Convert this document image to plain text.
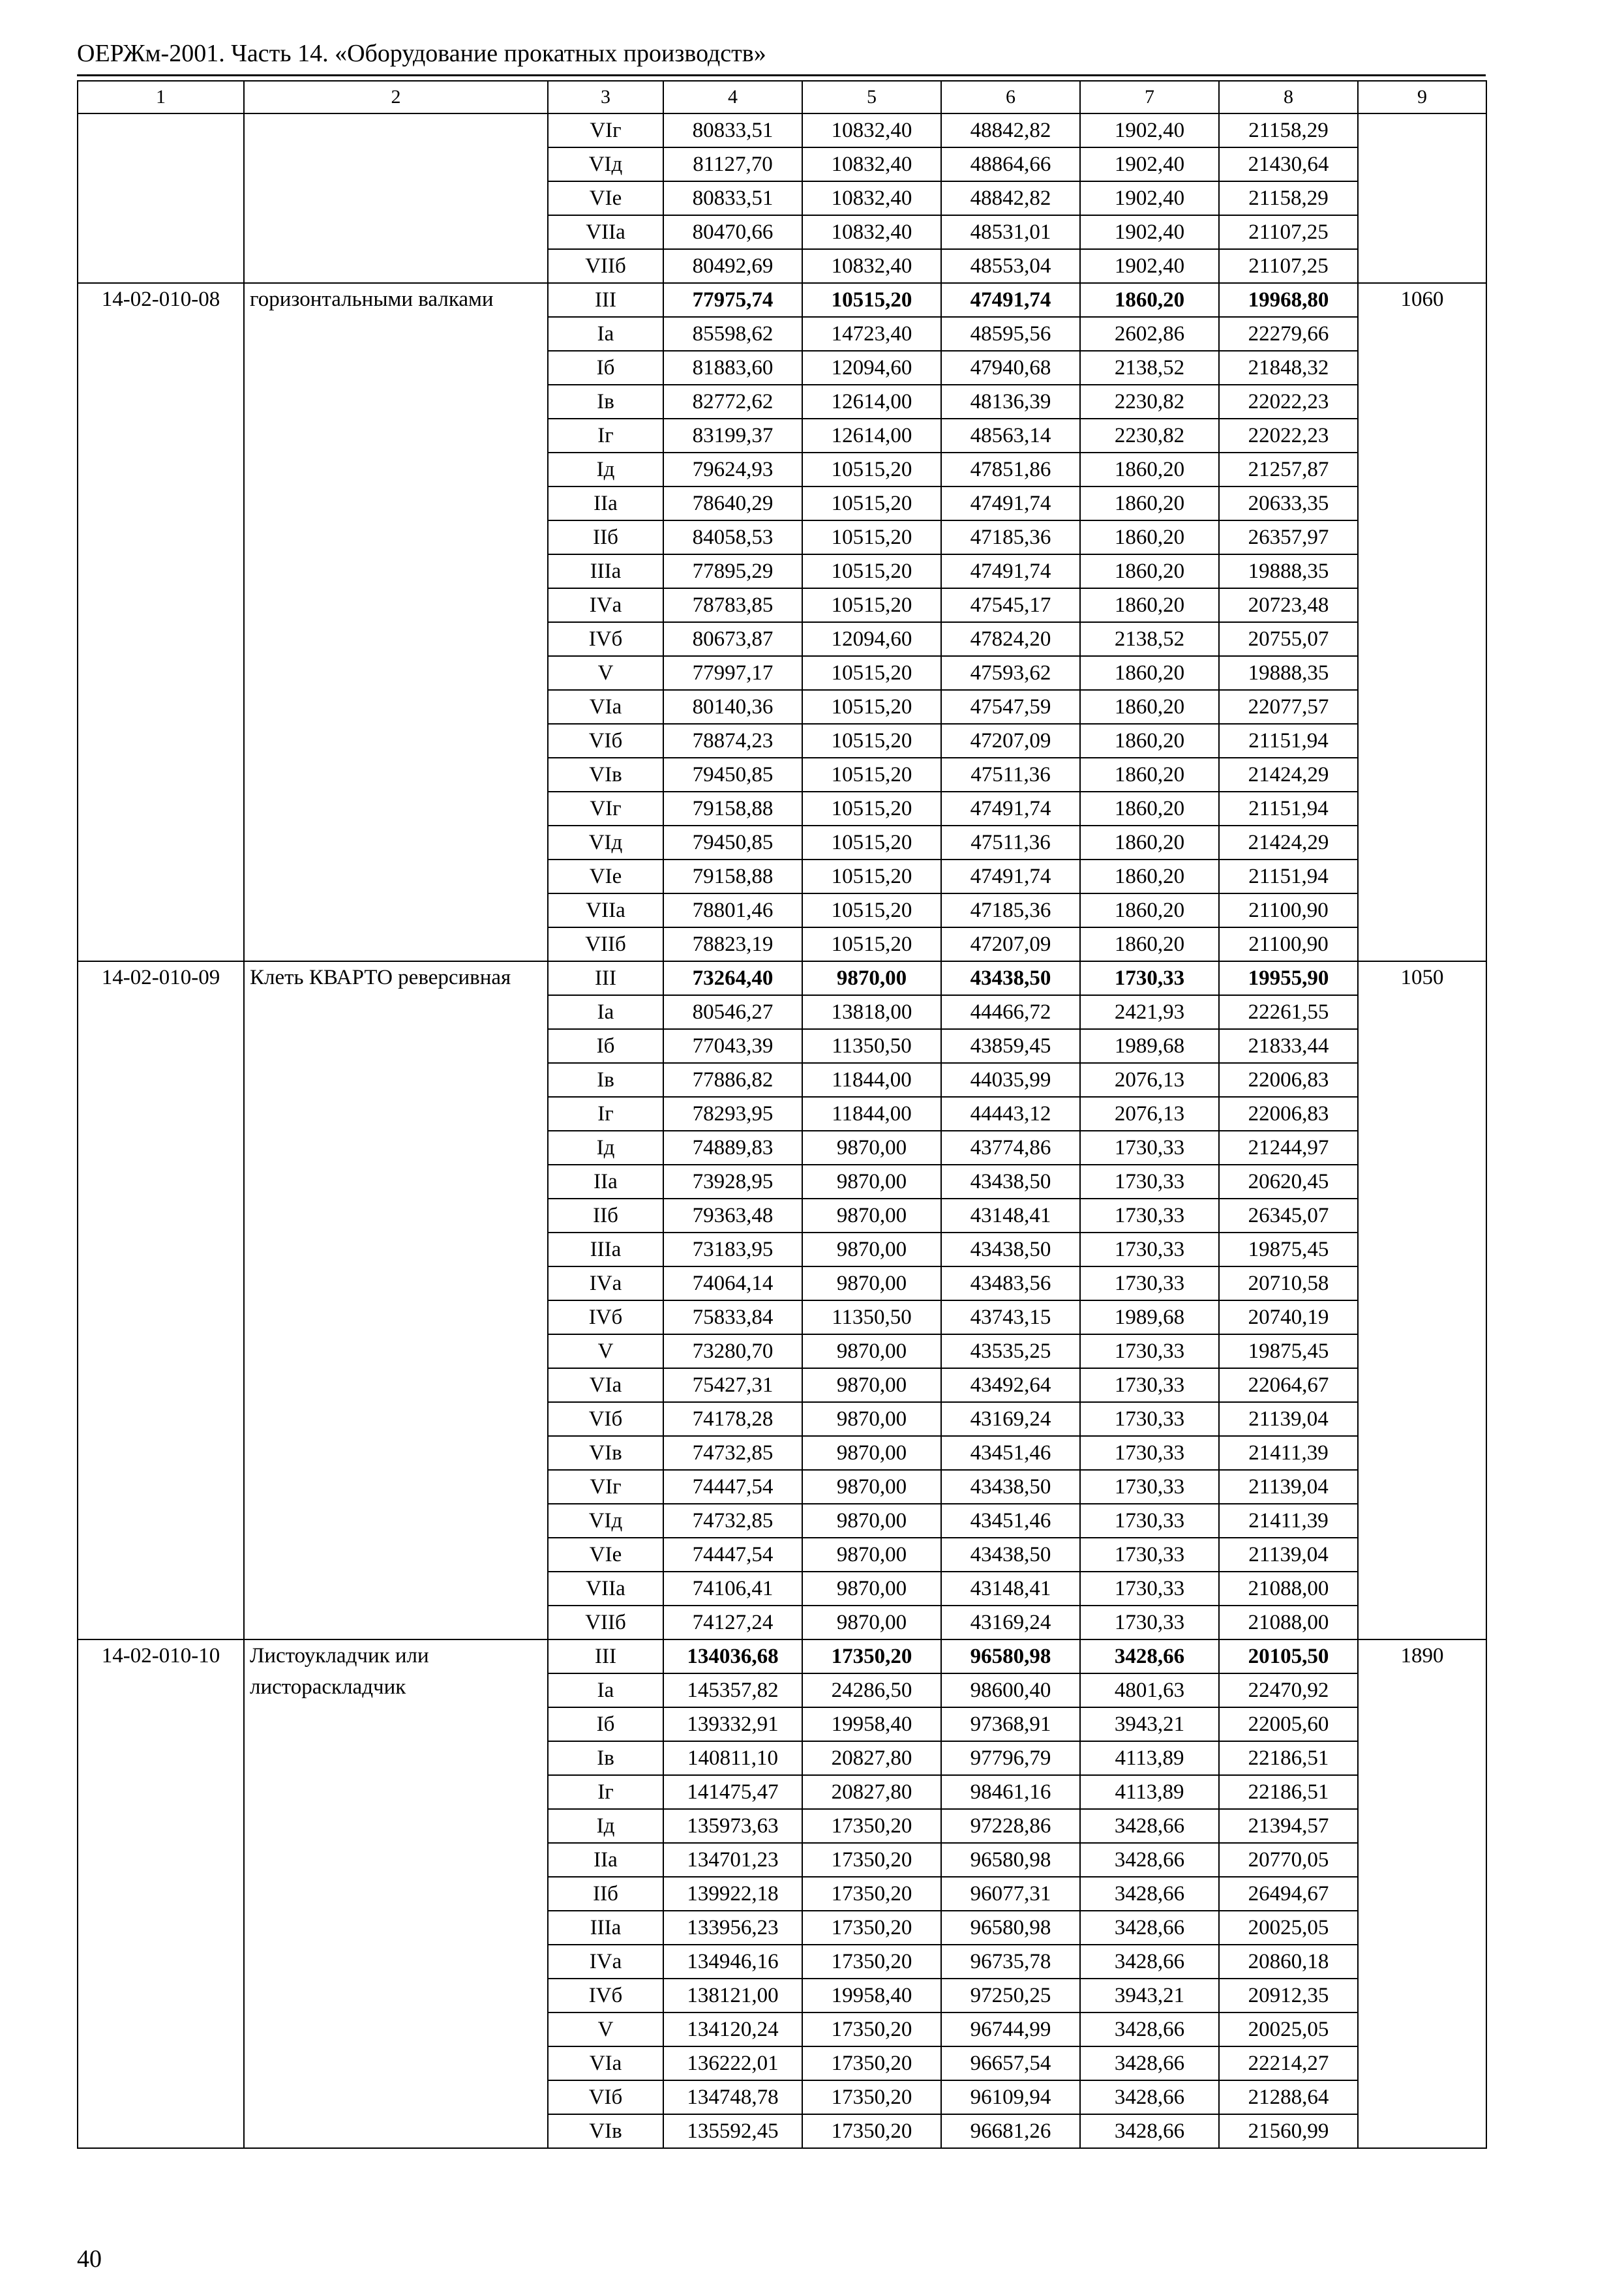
ОЕРЖм-2001. Часть 14. «Оборудование прокатных производств»
1	2	3	4	5	6	7	8	9
		VIг	80833,51	10832,40	48842,82	1902,40	21158,29	
		VIд	81127,70	10832,40	48864,66	1902,40	21430,64	
		VIе	80833,51	10832,40	48842,82	1902,40	21158,29	
		VIIа	80470,66	10832,40	48531,01	1902,40	21107,25	
		VIIб	80492,69	10832,40	48553,04	1902,40	21107,25	
14-02-010-08	горизонтальными валками	III	77975,74	10515,20	47491,74	1860,20	19968,80	1060
		Iа	85598,62	14723,40	48595,56	2602,86	22279,66	
		Iб	81883,60	12094,60	47940,68	2138,52	21848,32	
		Iв	82772,62	12614,00	48136,39	2230,82	22022,23	
		Iг	83199,37	12614,00	48563,14	2230,82	22022,23	
		Iд	79624,93	10515,20	47851,86	1860,20	21257,87	
		IIа	78640,29	10515,20	47491,74	1860,20	20633,35	
		IIб	84058,53	10515,20	47185,36	1860,20	26357,97	
		IIIа	77895,29	10515,20	47491,74	1860,20	19888,35	
		IVа	78783,85	10515,20	47545,17	1860,20	20723,48	
		IVб	80673,87	12094,60	47824,20	2138,52	20755,07	
		V	77997,17	10515,20	47593,62	1860,20	19888,35	
		VIа	80140,36	10515,20	47547,59	1860,20	22077,57	
		VIб	78874,23	10515,20	47207,09	1860,20	21151,94	
		VIв	79450,85	10515,20	47511,36	1860,20	21424,29	
		VIг	79158,88	10515,20	47491,74	1860,20	21151,94	
		VIд	79450,85	10515,20	47511,36	1860,20	21424,29	
		VIе	79158,88	10515,20	47491,74	1860,20	21151,94	
		VIIа	78801,46	10515,20	47185,36	1860,20	21100,90	
		VIIб	78823,19	10515,20	47207,09	1860,20	21100,90	
14-02-010-09	Клеть КВАРТО реверсивная	III	73264,40	9870,00	43438,50	1730,33	19955,90	1050
		Iа	80546,27	13818,00	44466,72	2421,93	22261,55	
		Iб	77043,39	11350,50	43859,45	1989,68	21833,44	
		Iв	77886,82	11844,00	44035,99	2076,13	22006,83	
		Iг	78293,95	11844,00	44443,12	2076,13	22006,83	
		Iд	74889,83	9870,00	43774,86	1730,33	21244,97	
		IIа	73928,95	9870,00	43438,50	1730,33	20620,45	
		IIб	79363,48	9870,00	43148,41	1730,33	26345,07	
		IIIа	73183,95	9870,00	43438,50	1730,33	19875,45	
		IVа	74064,14	9870,00	43483,56	1730,33	20710,58	
		IVб	75833,84	11350,50	43743,15	1989,68	20740,19	
		V	73280,70	9870,00	43535,25	1730,33	19875,45	
		VIа	75427,31	9870,00	43492,64	1730,33	22064,67	
		VIб	74178,28	9870,00	43169,24	1730,33	21139,04	
		VIв	74732,85	9870,00	43451,46	1730,33	21411,39	
		VIг	74447,54	9870,00	43438,50	1730,33	21139,04	
		VIд	74732,85	9870,00	43451,46	1730,33	21411,39	
		VIе	74447,54	9870,00	43438,50	1730,33	21139,04	
		VIIа	74106,41	9870,00	43148,41	1730,33	21088,00	
		VIIб	74127,24	9870,00	43169,24	1730,33	21088,00	
14-02-010-10	Листоукладчик или листораскладчик	III	134036,68	17350,20	96580,98	3428,66	20105,50	1890
		Iа	145357,82	24286,50	98600,40	4801,63	22470,92	
		Iб	139332,91	19958,40	97368,91	3943,21	22005,60	
		Iв	140811,10	20827,80	97796,79	4113,89	22186,51	
		Iг	141475,47	20827,80	98461,16	4113,89	22186,51	
		Iд	135973,63	17350,20	97228,86	3428,66	21394,57	
		IIа	134701,23	17350,20	96580,98	3428,66	20770,05	
		IIб	139922,18	17350,20	96077,31	3428,66	26494,67	
		IIIа	133956,23	17350,20	96580,98	3428,66	20025,05	
		IVа	134946,16	17350,20	96735,78	3428,66	20860,18	
		IVб	138121,00	19958,40	97250,25	3943,21	20912,35	
		V	134120,24	17350,20	96744,99	3428,66	20025,05	
		VIа	136222,01	17350,20	96657,54	3428,66	22214,27	
		VIб	134748,78	17350,20	96109,94	3428,66	21288,64	
		VIв	135592,45	17350,20	96681,26	3428,66	21560,99	
40
